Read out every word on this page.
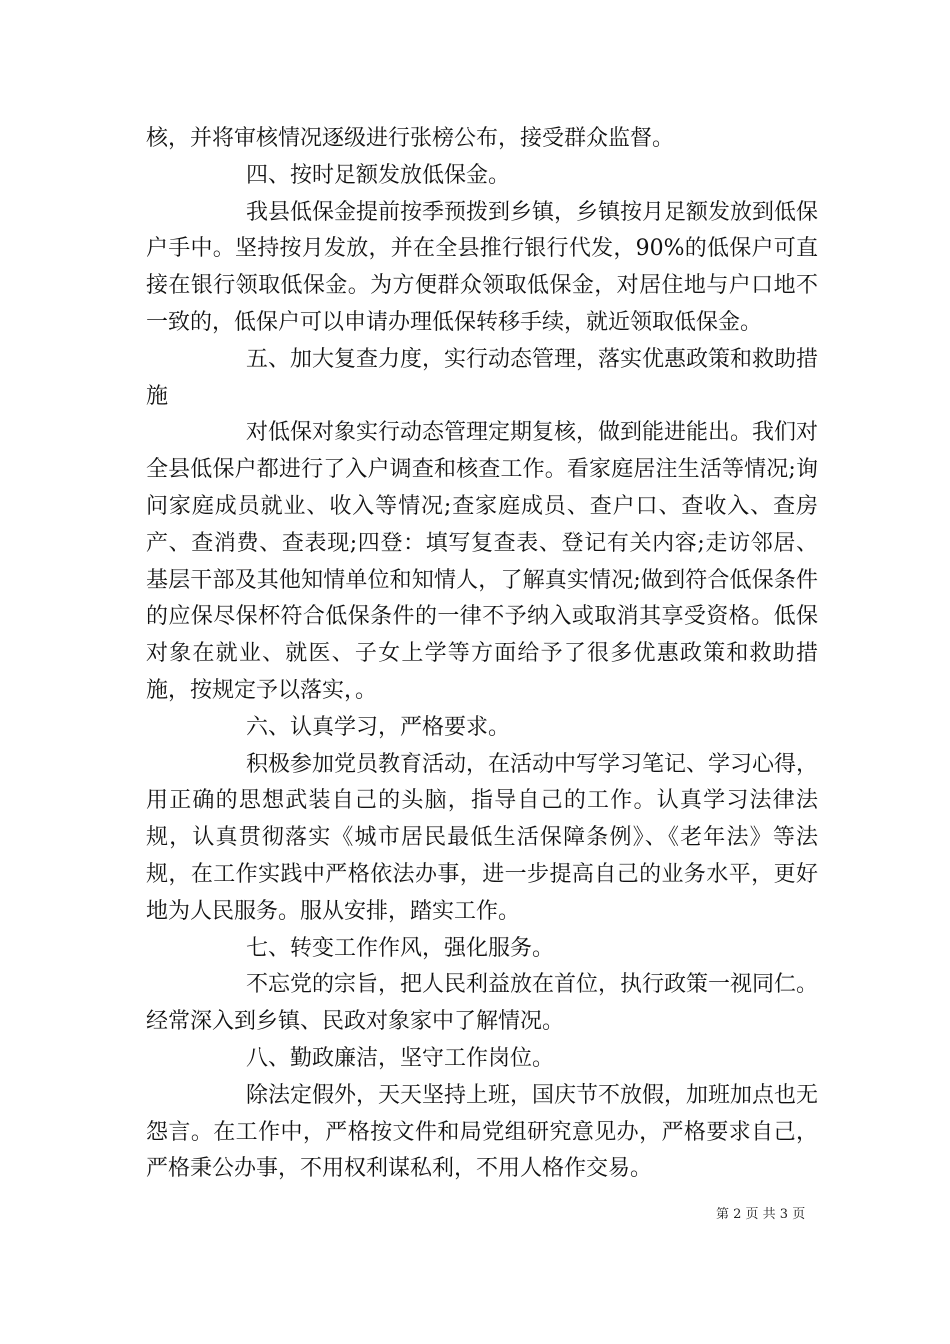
核，并将审核情况逐级进行张榜公布，接受群众监督。

四、按时足额发放低保金。

我县低保金提前按季预拨到乡镇，乡镇按月足额发放到低保户手中。坚持按月发放，并在全县推行银行代发，90%的低保户可直接在银行领取低保金。为方便群众领取低保金，对居住地与户口地不一致的，低保户可以申请办理低保转移手续，就近领取低保金。

五、加大复查力度，实行动态管理，落实优惠政策和救助措施

对低保对象实行动态管理定期复核，做到能进能出。我们对全县低保户都进行了入户调查和核查工作。看家庭居注生活等情况;询问家庭成员就业、收入等情况;查家庭成员、查户口、查收入、查房产、查消费、查表现;四登：填写复查表、登记有关内容;走访邻居、基层干部及其他知情单位和知情人，了解真实情况;做到符合低保条件的应保尽保杯符合低保条件的一律不予纳入或取消其享受资格。低保对象在就业、就医、子女上学等方面给予了很多优惠政策和救助措施，按规定予以落实，。

六、认真学习，严格要求。

积极参加党员教育活动，在活动中写学习笔记、学习心得，用正确的思想武装自己的头脑，指导自己的工作。认真学习法律法规，认真贯彻落实《城市居民最低生活保障条例》、《老年法》等法规，在工作实践中严格依法办事，进一步提高自己的业务水平，更好地为人民服务。服从安排，踏实工作。

七、转变工作作风，强化服务。

不忘党的宗旨，把人民利益放在首位，执行政策一视同仁。经常深入到乡镇、民政对象家中了解情况。

八、勤政廉洁，坚守工作岗位。

除法定假外，天天坚持上班，国庆节不放假，加班加点也无怨言。在工作中，严格按文件和局党组研究意见办，严格要求自己，严格秉公办事，不用权利谋私利，不用人格作交易。

第 2 页 共 3 页
